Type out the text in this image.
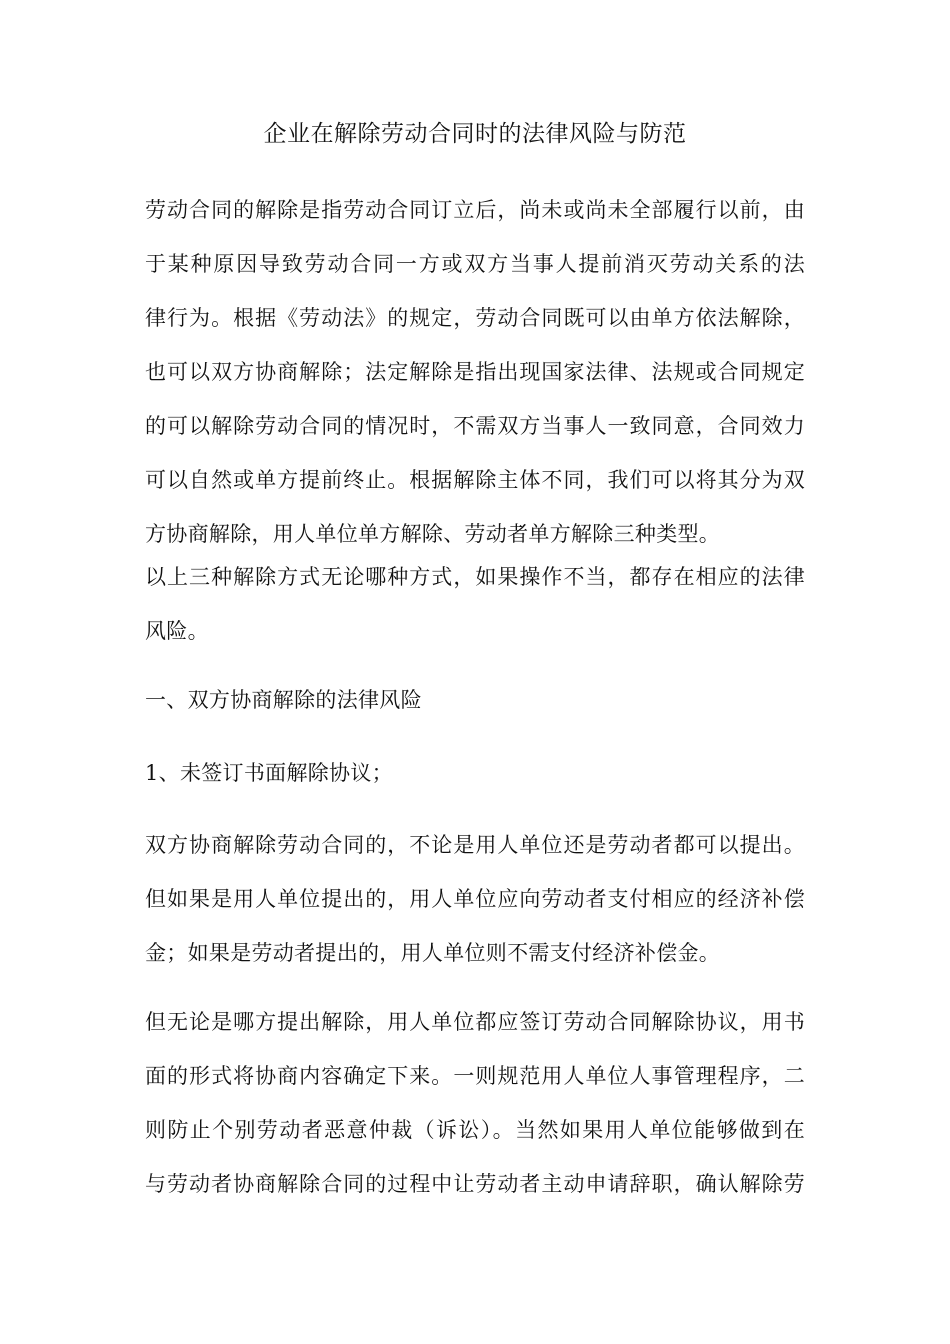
企业在解除劳动合同时的法律风险与防范

劳动合同的解除是指劳动合同订立后，尚未或尚未全部履行以前，由
于某种原因导致劳动合同一方或双方当事人提前消灭劳动关系的法
律行为。根据《劳动法》的规定，劳动合同既可以由单方依法解除，
也可以双方协商解除；法定解除是指出现国家法律、法规或合同规定
的可以解除劳动合同的情况时，不需双方当事人一致同意，合同效力
可以自然或单方提前终止。根据解除主体不同，我们可以将其分为双
方协商解除，用人单位单方解除、劳动者单方解除三种类型。

以上三种解除方式无论哪种方式，如果操作不当，都存在相应的法律
风险。

一、双方协商解除的法律风险

1、未签订书面解除协议；

双方协商解除劳动合同的，不论是用人单位还是劳动者都可以提出。
但如果是用人单位提出的，用人单位应向劳动者支付相应的经济补偿
金；如果是劳动者提出的，用人单位则不需支付经济补偿金。

但无论是哪方提出解除，用人单位都应签订劳动合同解除协议，用书
面的形式将协商内容确定下来。一则规范用人单位人事管理程序，二
则防止个别劳动者恶意仲裁（诉讼）。当然如果用人单位能够做到在
与劳动者协商解除合同的过程中让劳动者主动申请辞职，确认解除劳
